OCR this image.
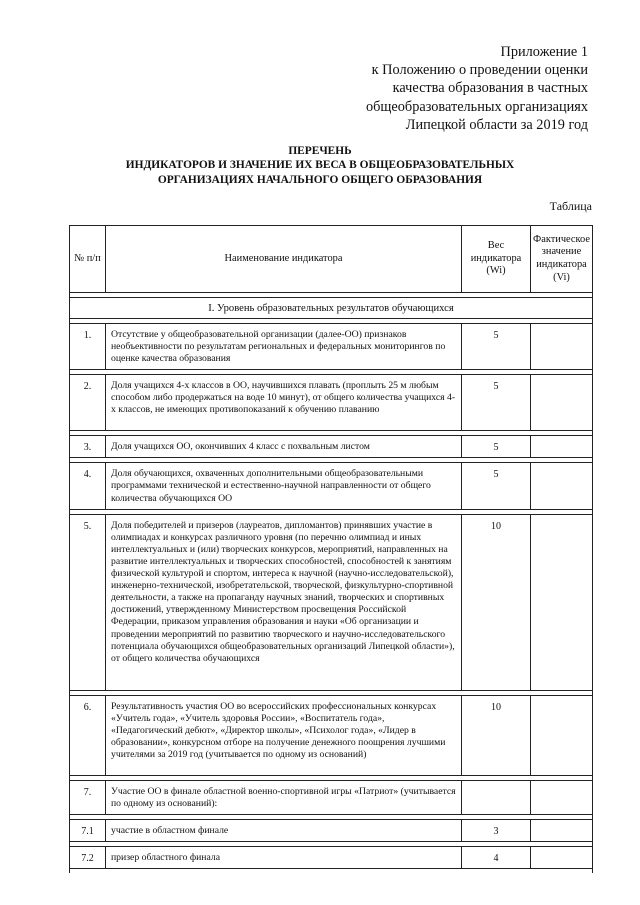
Приложение 1
к Положению о проведении оценки
качества образования в частных
общеобразовательных организациях
Липецкой области за 2019 год
ПЕРЕЧЕНЬ
ИНДИКАТОРОВ И ЗНАЧЕНИЕ ИХ ВЕСА В ОБЩЕОБРАЗОВАТЕЛЬНЫХ
ОРГАНИЗАЦИЯХ НАЧАЛЬНОГО ОБЩЕГО ОБРАЗОВАНИЯ
Таблица
№ п/п	Наименование индикатора	Вес индикатора (Wi)	Фактическое значение индикатора (Vi)

I. Уровень образовательных результатов обучающихся			

1.	Отсутствие у общеобразовательной организации (далее-ОО) признаков необъективности по результатам региональных и федеральных мониторингов по оценке качества образования	5	

2.	Доля учащихся 4-х классов в ОО, научившихся плавать (проплыть 25 м любым способом либо продержаться на воде 10 минут), от общего количества учащихся 4-х классов, не имеющих противопоказаний к обучению плаванию	5	

3.	Доля учащихся ОО, окончивших 4 класс с похвальным листом	5	

4.	Доля обучающихся, охваченных дополнительными общеобразовательными программами технической и естественно-научной направленности от общего количества обучающихся ОО	5	

5.	Доля победителей и призеров (лауреатов, дипломантов) принявших участие в олимпиадах и конкурсах различного уровня (по перечню олимпиад и иных интеллектуальных и (или) творческих конкурсов, мероприятий, направленных на развитие интеллектуальных и творческих способностей, способностей к занятиям физической культурой и спортом, интереса к научной (научно-исследовательской), инженерно-технической, изобретательской, творческой, физкультурно-спортивной деятельности, а также на пропаганду научных знаний, творческих и спортивных достижений, утвержденному Министерством просвещения Российской Федерации, приказом управления образования и науки «Об организации и проведении мероприятий по развитию творческого и научно-исследовательского потенциала обучающихся общеобразовательных организаций Липецкой области»), от общего количества обучающихся	10	

6.	Результативность участия ОО во всероссийских профессиональных конкурсах «Учитель года», «Учитель здоровья России», «Воспитатель года», «Педагогический дебют», «Директор школы», «Психолог года», «Лидер в образовании», конкурсном отборе на получение денежного поощрения лучшими учителями за 2019 год (учитывается по одному из оснований)	10	

7.	Участие ОО в финале областной военно-спортивной игры «Патриот» (учитывается по одному из оснований):		

7.1	участие в областном финале	3	

7.2	призер областного финала	4	
